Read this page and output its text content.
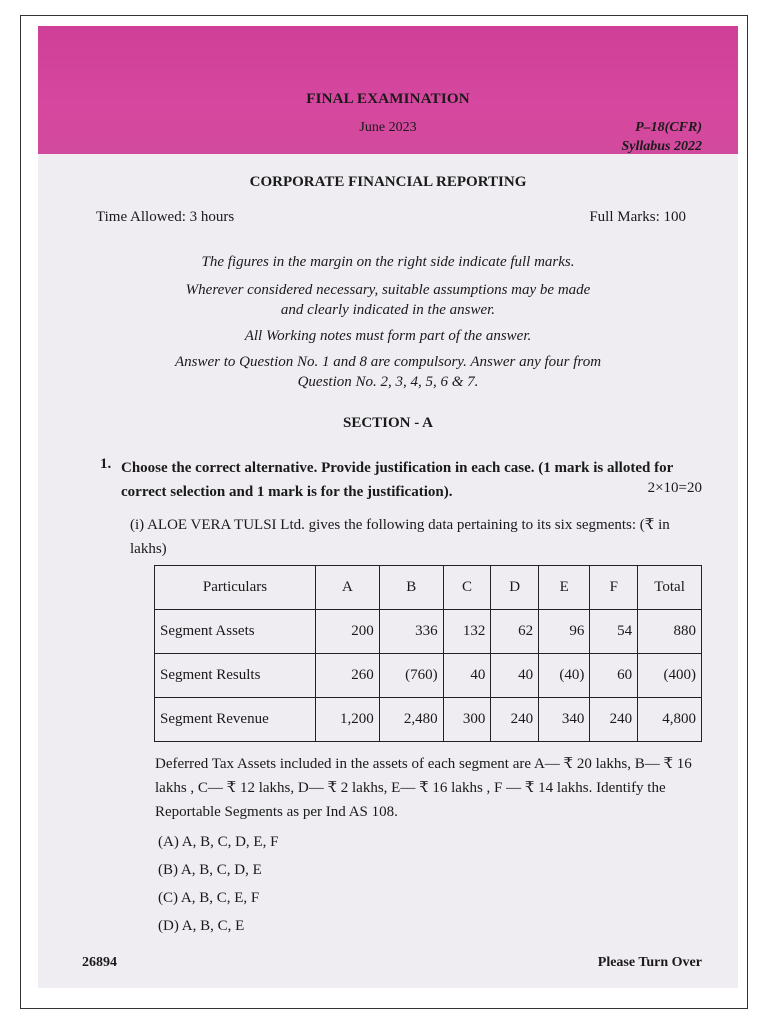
FINAL EXAMINATION
June 2023	P–18(CFR)
Syllabus 2022
CORPORATE FINANCIAL REPORTING
Time Allowed: 3 hours	Full Marks: 100
The figures in the margin on the right side indicate full marks.
Wherever considered necessary, suitable assumptions may be made
and clearly indicated in the answer.
All Working notes must form part of the answer.
Answer to Question No. 1 and 8 are compulsory. Answer any four from
Question No. 2, 3, 4, 5, 6 & 7.
SECTION - A
1. Choose the correct alternative. Provide justification in each case. (1 mark is alloted for correct selection and 1 mark is for the justification).	2×10=20
(i) ALOE VERA TULSI Ltd. gives the following data pertaining to its six segments: (₹ in lakhs)
Particulars	A	B	C	D	E	F	Total
Segment Assets	200	336	132	62	96	54	880
Segment Results	260	(760)	40	40	(40)	60	(400)
Segment Revenue	1,200	2,480	300	240	340	240	4,800
Deferred Tax Assets included in the assets of each segment are A— ₹ 20 lakhs, B— ₹ 16 lakhs , C— ₹ 12 lakhs, D— ₹ 2 lakhs, E— ₹ 16 lakhs , F — ₹ 14 lakhs. Identify the Reportable Segments as per Ind AS 108.
(A) A, B, C, D, E, F
(B) A, B, C, D, E
(C) A, B, C, E, F
(D) A, B, C, E
26894	Please Turn Over
